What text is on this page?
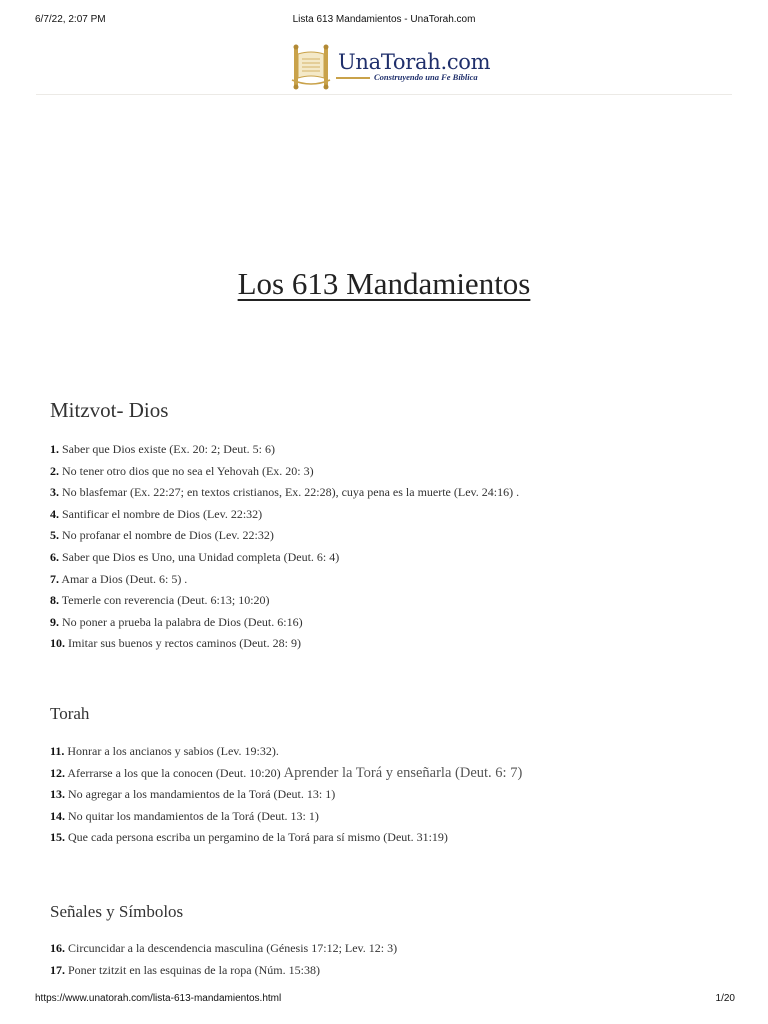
6/7/22, 2:07 PM	Lista 613 Mandamientos - UnaTorah.com
UnaTorah.com
Construyendo una Fe Bíblica
Los 613 Mandamientos
Mitzvot- Dios
1. Saber que Dios existe (Ex. 20: 2; Deut. 5: 6)
2. No tener otro dios que no sea el Yehovah (Ex. 20: 3)
3. No blasfemar (Ex. 22:27; en textos cristianos, Ex. 22:28), cuya pena es la muerte (Lev. 24:16) .
4. Santificar el nombre de Dios (Lev. 22:32)
5. No profanar el nombre de Dios (Lev. 22:32)
6. Saber que Dios es Uno, una Unidad completa (Deut. 6: 4)
7. Amar a Dios (Deut. 6: 5) .
8. Temerle con reverencia (Deut. 6:13; 10:20)
9. No poner a prueba la palabra de Dios (Deut. 6:16)
10. Imitar sus buenos y rectos caminos (Deut. 28: 9)
Torah
11. Honrar a los ancianos y sabios (Lev. 19:32).
12. Aferrarse a los que la conocen (Deut. 10:20) Aprender la Torá y enseñarla (Deut. 6: 7)
13. No agregar a los mandamientos de la Torá (Deut. 13: 1)
14. No quitar los mandamientos de la Torá (Deut. 13: 1)
15. Que cada persona escriba un pergamino de la Torá para sí mismo (Deut. 31:19)
Señales y Símbolos
16. Circuncidar a la descendencia masculina (Génesis 17:12; Lev. 12: 3)
17. Poner tzitzit en las esquinas de la ropa (Núm. 15:38)
https://www.unatorah.com/lista-613-mandamientos.html	1/20
